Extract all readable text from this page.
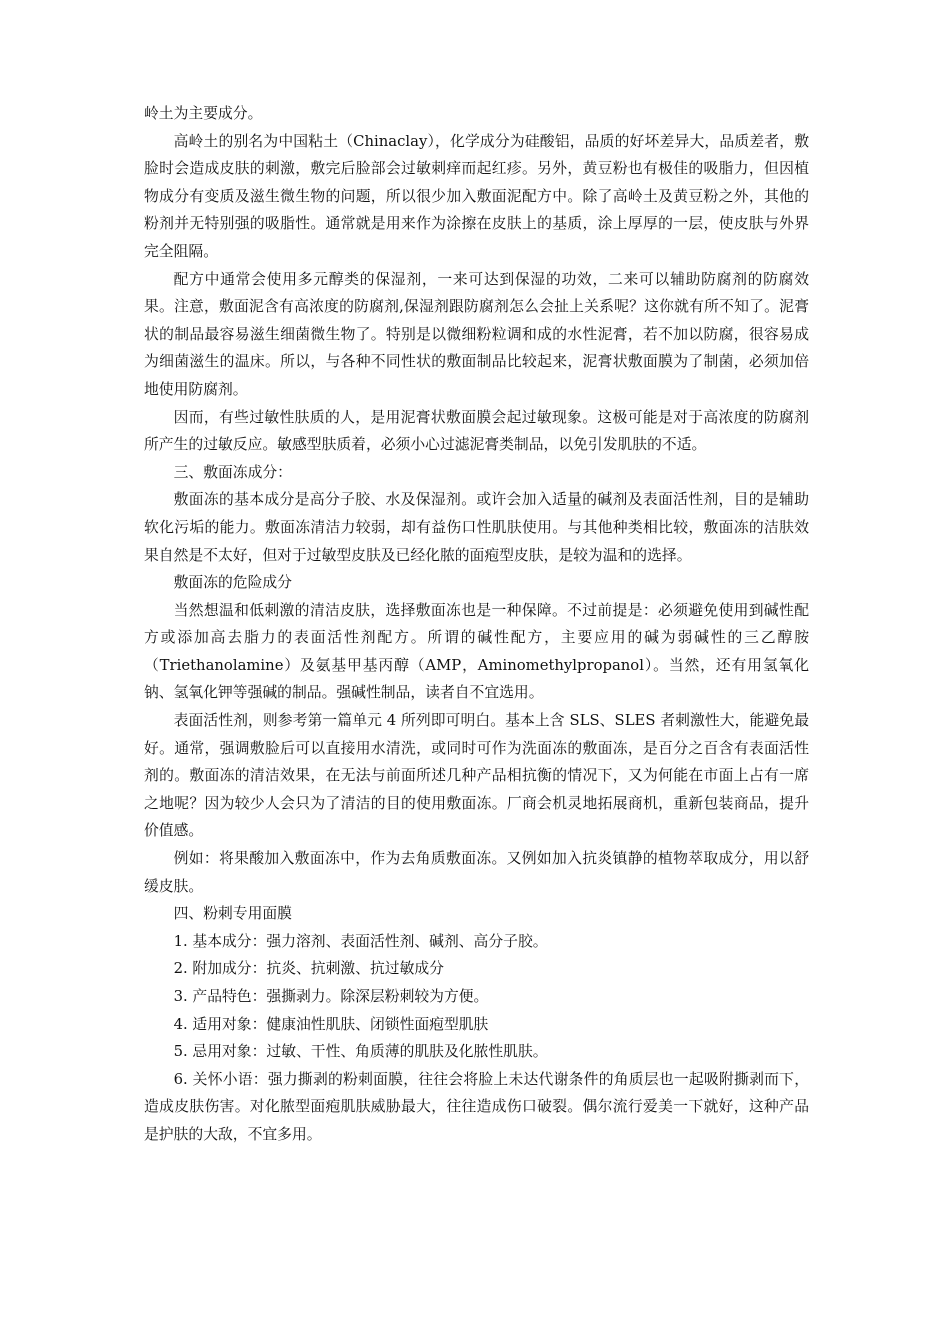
岭土为主要成分。

高岭土的别名为中国粘土（Chinaclay），化学成分为硅酸铝，品质的好坏差异大，品质差者，敷脸时会造成皮肤的刺激，敷完后脸部会过敏刺痒而起红疹。另外，黄豆粉也有极佳的吸脂力，但因植物成分有变质及滋生微生物的问题，所以很少加入敷面泥配方中。除了高岭土及黄豆粉之外，其他的粉剂并无特别强的吸脂性。通常就是用来作为涂擦在皮肤上的基质，涂上厚厚的一层，使皮肤与外界完全阻隔。

配方中通常会使用多元醇类的保湿剂，一来可达到保湿的功效，二来可以辅助防腐剂的防腐效果。注意，敷面泥含有高浓度的防腐剂,保湿剂跟防腐剂怎么会扯上关系呢？这你就有所不知了。泥膏状的制品最容易滋生细菌微生物了。特别是以微细粉粒调和成的水性泥膏，若不加以防腐，很容易成为细菌滋生的温床。所以，与各种不同性状的敷面制品比较起来，泥膏状敷面膜为了制菌，必须加倍地使用防腐剂。

因而，有些过敏性肤质的人，是用泥膏状敷面膜会起过敏现象。这极可能是对于高浓度的防腐剂所产生的过敏反应。敏感型肤质着，必须小心过滤泥膏类制品，以免引发肌肤的不适。

三、敷面冻成分：

敷面冻的基本成分是高分子胶、水及保湿剂。或许会加入适量的碱剂及表面活性剂，目的是辅助软化污垢的能力。敷面冻清洁力较弱，却有益伤口性肌肤使用。与其他种类相比较，敷面冻的洁肤效果自然是不太好，但对于过敏型皮肤及已经化脓的面疱型皮肤，是较为温和的选择。

敷面冻的危险成分

当然想温和低刺激的清洁皮肤，选择敷面冻也是一种保障。不过前提是：必须避免使用到碱性配方或添加高去脂力的表面活性剂配方。所谓的碱性配方，主要应用的碱为弱碱性的三乙醇胺（Triethanolamine）及氨基甲基丙醇（AMP，Aminomethylpropanol）。当然，还有用氢氧化钠、氢氧化钾等强碱的制品。强碱性制品，读者自不宜选用。

表面活性剂，则参考第一篇单元 4 所列即可明白。基本上含 SLS、SLES 者刺激性大，能避免最好。通常，强调敷脸后可以直接用水清洗，或同时可作为洗面冻的敷面冻，是百分之百含有表面活性剂的。敷面冻的清洁效果，在无法与前面所述几种产品相抗衡的情况下，又为何能在市面上占有一席之地呢？因为较少人会只为了清洁的目的使用敷面冻。厂商会机灵地拓展商机，重新包装商品，提升价值感。

例如：将果酸加入敷面冻中，作为去角质敷面冻。又例如加入抗炎镇静的植物萃取成分，用以舒缓皮肤。

四、粉刺专用面膜

1. 基本成分：强力溶剂、表面活性剂、碱剂、高分子胶。

2. 附加成分：抗炎、抗刺激、抗过敏成分

3. 产品特色：强撕剥力。除深层粉刺较为方便。

4. 适用对象：健康油性肌肤、闭锁性面疱型肌肤

5. 忌用对象：过敏、干性、角质薄的肌肤及化脓性肌肤。

6. 关怀小语：强力撕剥的粉刺面膜，往往会将脸上未达代谢条件的角质层也一起吸附撕剥而下，造成皮肤伤害。对化脓型面疱肌肤威胁最大，往往造成伤口破裂。偶尔流行爱美一下就好，这种产品是护肤的大敌，不宜多用。
